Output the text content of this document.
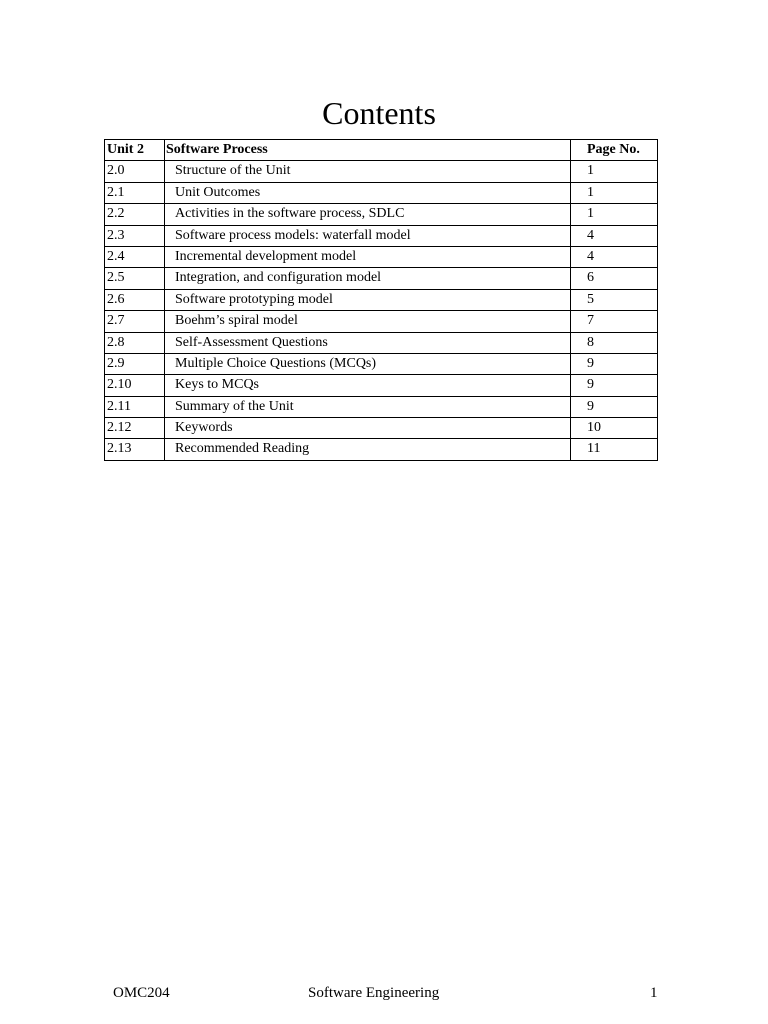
Contents
Unit 2	Software Process	Page No.
2.0	Structure of the Unit	1
2.1	Unit Outcomes	1
2.2	Activities in the software process, SDLC	1
2.3	Software process models: waterfall model	4
2.4	Incremental development model	4
2.5	Integration, and configuration model	6
2.6	Software prototyping model	5
2.7	Boehm’s spiral model	7
2.8	Self-Assessment Questions	8
2.9	Multiple Choice Questions (MCQs)	9
2.10	Keys to MCQs	9
2.11	Summary of the Unit	9
2.12	Keywords	10
2.13	Recommended Reading	11
OMC204	Software Engineering	1
